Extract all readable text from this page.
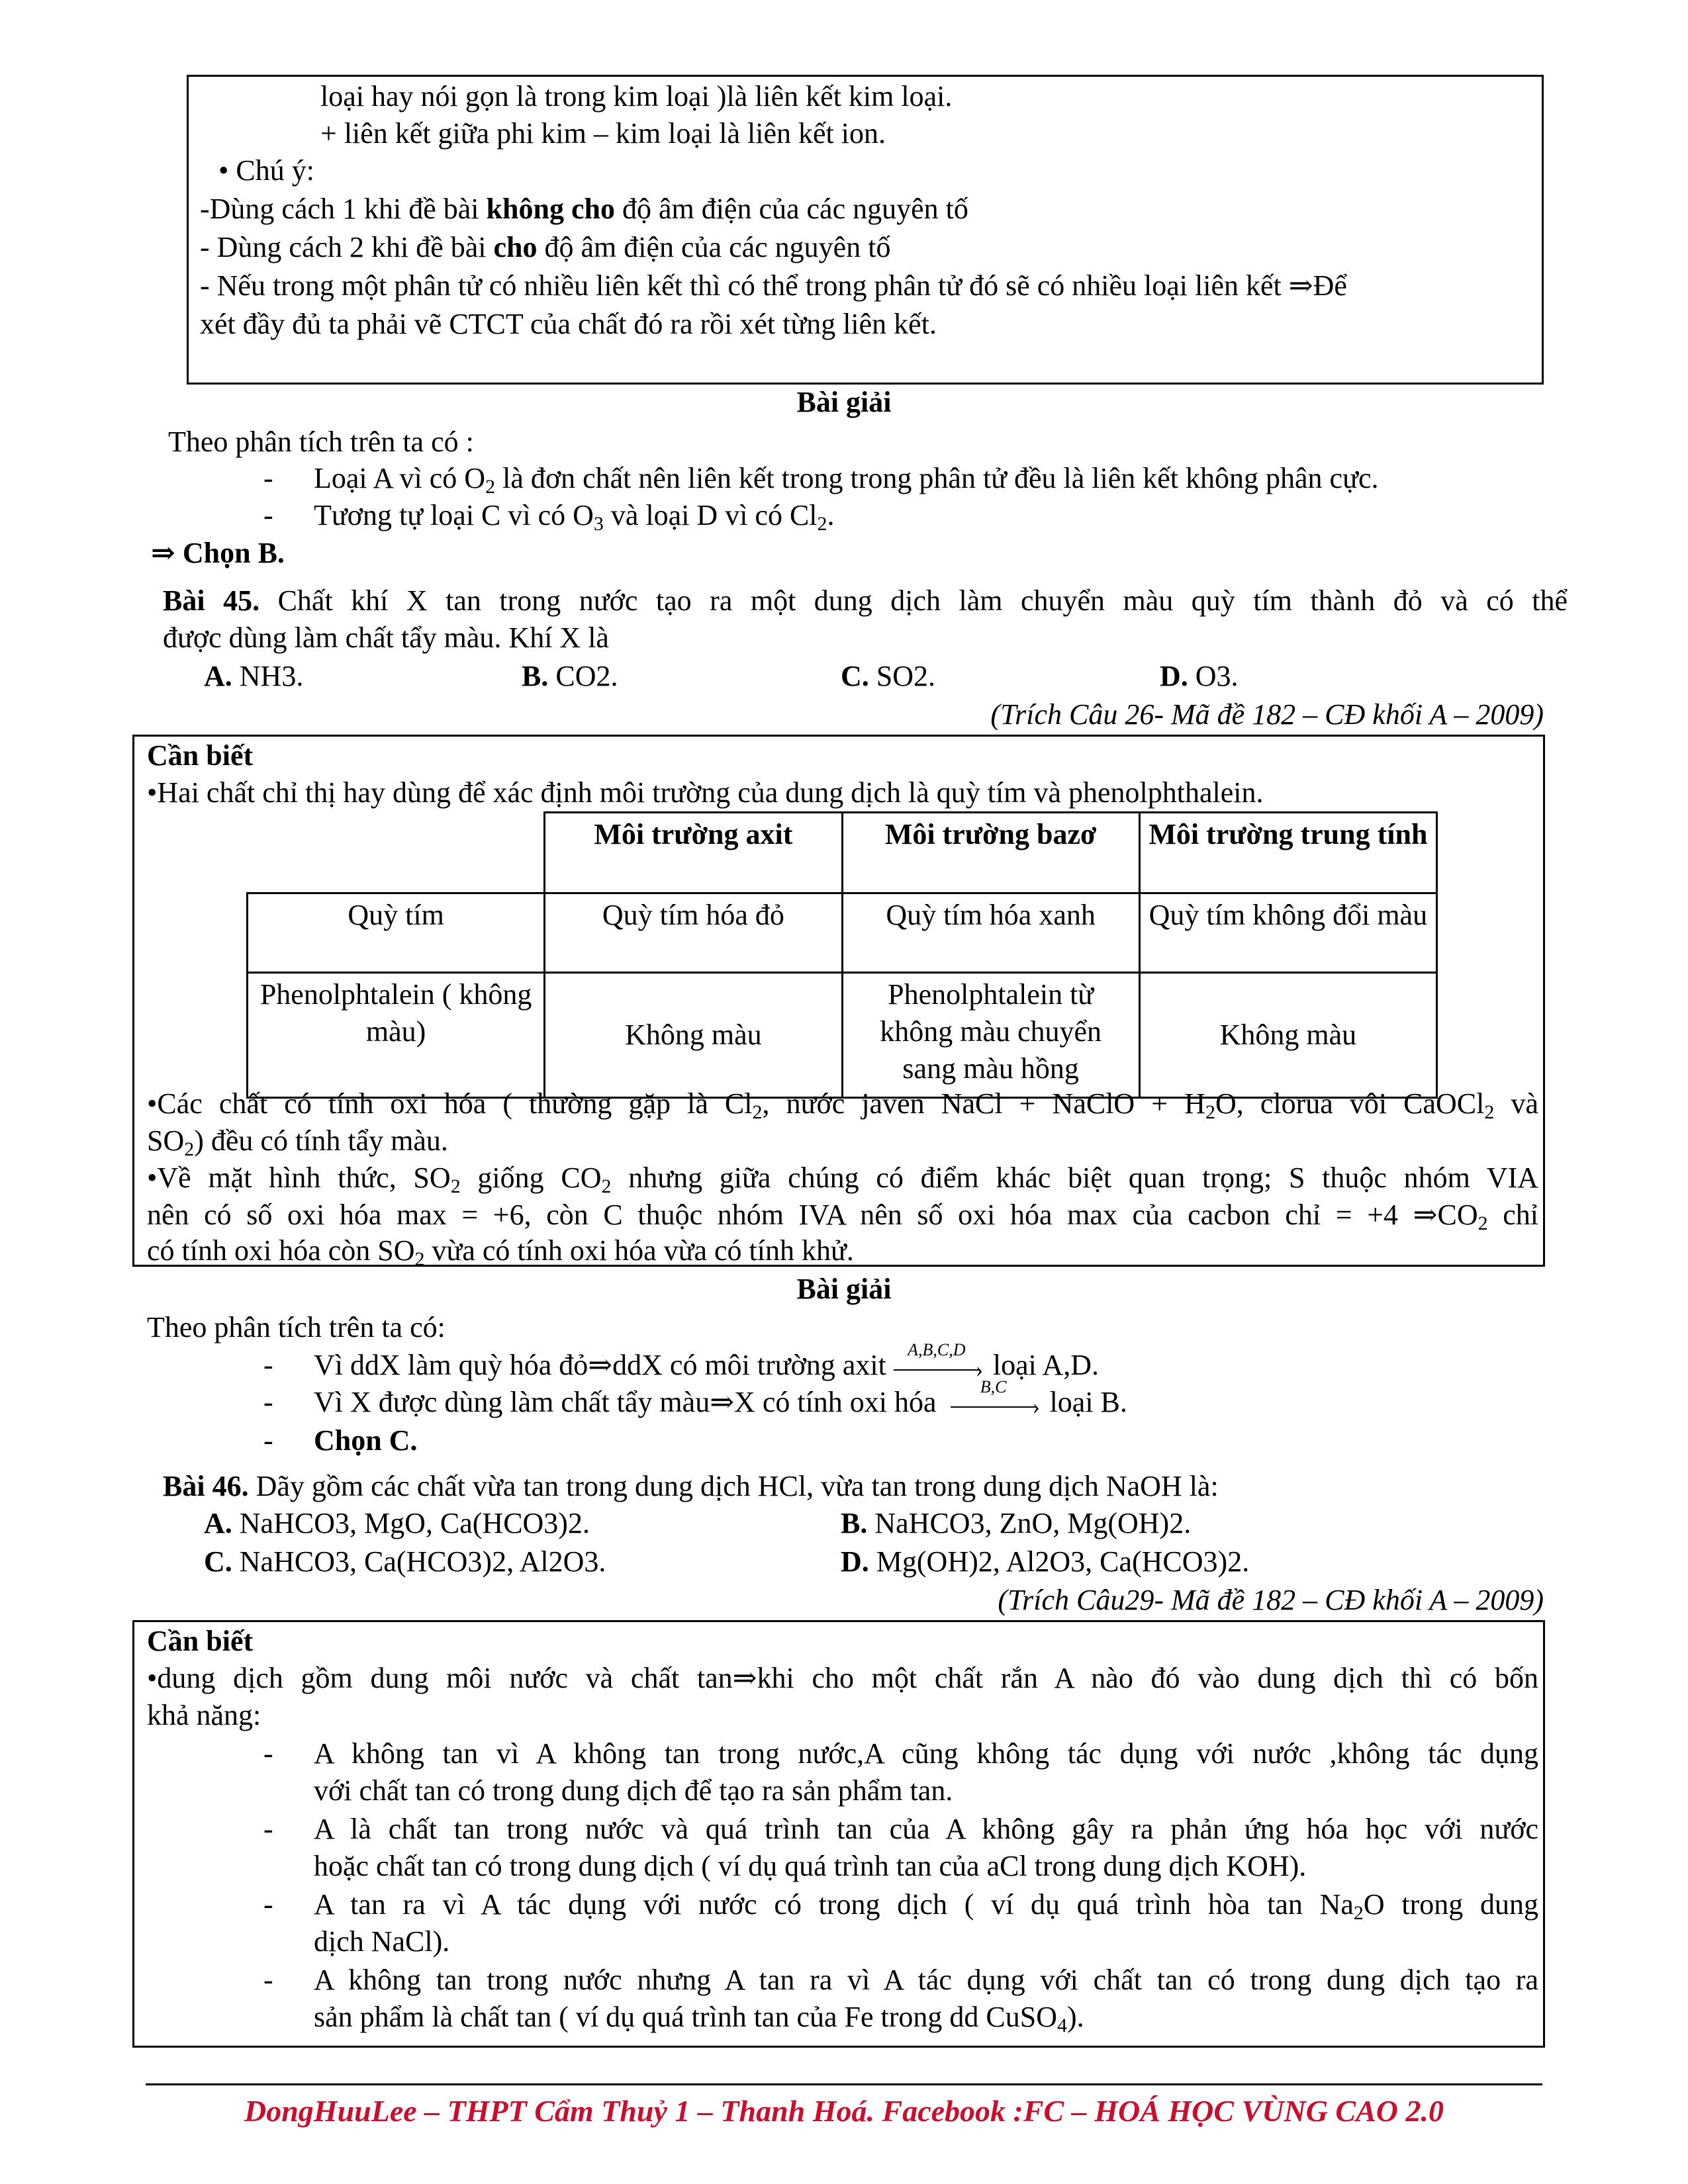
loại hay nói gọn là trong kim loại )là liên kết kim loại.
+ liên kết giữa phi kim – kim loại là liên kết ion.
• Chú ý:
-Dùng cách 1 khi đề bài không cho độ âm điện của các nguyên tố
- Dùng cách 2 khi đề bài cho độ âm điện của các nguyên tố
- Nếu trong một phân tử có nhiều liên kết thì có thể trong phân tử đó sẽ có nhiều loại liên kết ⇒Để
xét đầy đủ ta phải vẽ CTCT của chất đó ra rồi xét từng liên kết.
Bài giải
Theo phân tích trên ta có :
- Loại A vì có $O_2$ là đơn chất nên liên kết trong trong phân tử đều là liên kết không phân cực.
- Tương tự loại C vì có $O_3$ và loại D vì có $Cl_2$.
⇒ Chọn B.
Bài 45. Chất khí X tan trong nước tạo ra một dung dịch làm chuyển màu quỳ tím thành đỏ và có thể
được dùng làm chất tẩy màu. Khí X là
A. NH3.	B. CO2.	C. SO2.	D. O3.
(Trích Câu 26- Mã đề 182 – CĐ khối A – 2009)
Cần biết
•Hai chất chỉ thị hay dùng để xác định môi trường của dung dịch là quỳ tím và phenolphthalein.
	Môi trường axit	Môi trường bazơ	Môi trường trung tính
Quỳ tím	Quỳ tím hóa đỏ	Quỳ tím hóa xanh	Quỳ tím không đổi màu
Phenolphtalein ( không màu)	Không màu	Phenolphtalein từ không màu chuyển sang màu hồng	Không màu
•Các chất có tính oxi hóa ( thường gặp là $Cl_2$, nước javen NaCl + NaClO + $H_2O$, clorua vôi CaOCl$_2$ và
$SO_2$) đều có tính tẩy màu.
•Về mặt hình thức, $SO_2$ giống $CO_2$ nhưng giữa chúng có điểm khác biệt quan trọng; S thuộc nhóm VIA
nên có số oxi hóa max = +6, còn C thuộc nhóm IVA nên số oxi hóa max của cacbon chỉ = +4 $\Rightarrow CO_2$ chỉ
có tính oxi hóa còn $SO_2$ vừa có tính oxi hóa vừa có tính khử.
Bài giải
Theo phân tích trên ta có:
- Vì ddX làm quỳ hóa đỏ⇒ddX có môi trường axit	A,B,C,D
› loại A,D.
- Vì X được dùng làm chất tẩy màu⇒X có tính oxi hóa	B,C
› loại B.
- Chọn C.
Bài 46. Dãy gồm các chất vừa tan trong dung dịch HCl, vừa tan trong dung dịch NaOH là:
A. NaHCO3, MgO, Ca(HCO3)2.	B. NaHCO3, ZnO, Mg(OH)2.
C. NaHCO3, Ca(HCO3)2, Al2O3.	D. Mg(OH)2, Al2O3, Ca(HCO3)2.
(Trích Câu29- Mã đề 182 – CĐ khối A – 2009)
Cần biết
•dung dịch gồm dung môi nước và chất tan⇒khi cho một chất rắn A nào đó vào dung dịch thì có bốn
khả năng:
- A không tan vì A không tan trong nước,A cũng không tác dụng với nước ,không tác dụng
với chất tan có trong dung dịch để tạo ra sản phẩm tan.
- A là chất tan trong nước và quá trình tan của A không gây ra phản ứng hóa học với nước
hoặc chất tan có trong dung dịch ( ví dụ quá trình tan của aCl trong dung dịch KOH).
- A tan ra vì A tác dụng với nước có trong dịch ( ví dụ quá trình hòa $\tan Na_2O$ trong dung
dịch NaCl).
- A không tan trong nước nhưng A tan ra vì A tác dụng với chất tan có trong dung dịch tạo ra
sản phẩm là chất tan ( ví dụ quá trình tan của Fe trong dd CuSO$_4$).
DongHuuLee – THPT Cẩm Thuỷ 1 – Thanh Hoá. Facebook :FC – HOÁ HỌC VÙNG CAO 2.0
